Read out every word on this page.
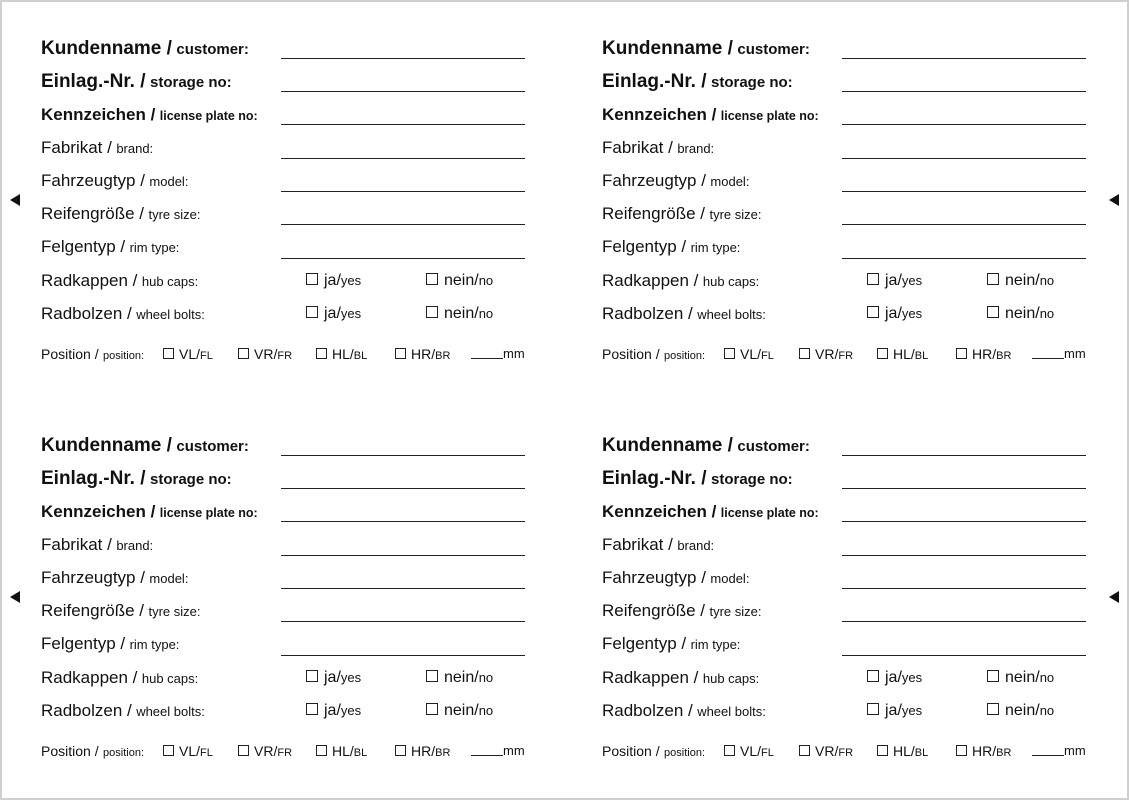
Kundenname / customer:
Einlag.-Nr. / storage no:
Kennzeichen / license plate no:
Fabrikat / brand:
Fahrzeugtyp / model:
Reifengröße / tyre size:
Felgentyp / rim type:
Radkappen / hub caps:	ja/yes	nein/no
Radbolzen / wheel bolts:	ja/yes	nein/no
Position / position:	VL/FL	VR/FR	HL/BL	HR/BR	mm
Kundenname / customer:
Einlag.-Nr. / storage no:
Kennzeichen / license plate no:
Fabrikat / brand:
Fahrzeugtyp / model:
Reifengröße / tyre size:
Felgentyp / rim type:
Radkappen / hub caps:	ja/yes	nein/no
Radbolzen / wheel bolts:	ja/yes	nein/no
Position / position:	VL/FL	VR/FR	HL/BL	HR/BR	mm
Kundenname / customer:
Einlag.-Nr. / storage no:
Kennzeichen / license plate no:
Fabrikat / brand:
Fahrzeugtyp / model:
Reifengröße / tyre size:
Felgentyp / rim type:
Radkappen / hub caps:	ja/yes	nein/no
Radbolzen / wheel bolts:	ja/yes	nein/no
Position / position:	VL/FL	VR/FR	HL/BL	HR/BR	mm
Kundenname / customer:
Einlag.-Nr. / storage no:
Kennzeichen / license plate no:
Fabrikat / brand:
Fahrzeugtyp / model:
Reifengröße / tyre size:
Felgentyp / rim type:
Radkappen / hub caps:	ja/yes	nein/no
Radbolzen / wheel bolts:	ja/yes	nein/no
Position / position:	VL/FL	VR/FR	HL/BL	HR/BR	mm
